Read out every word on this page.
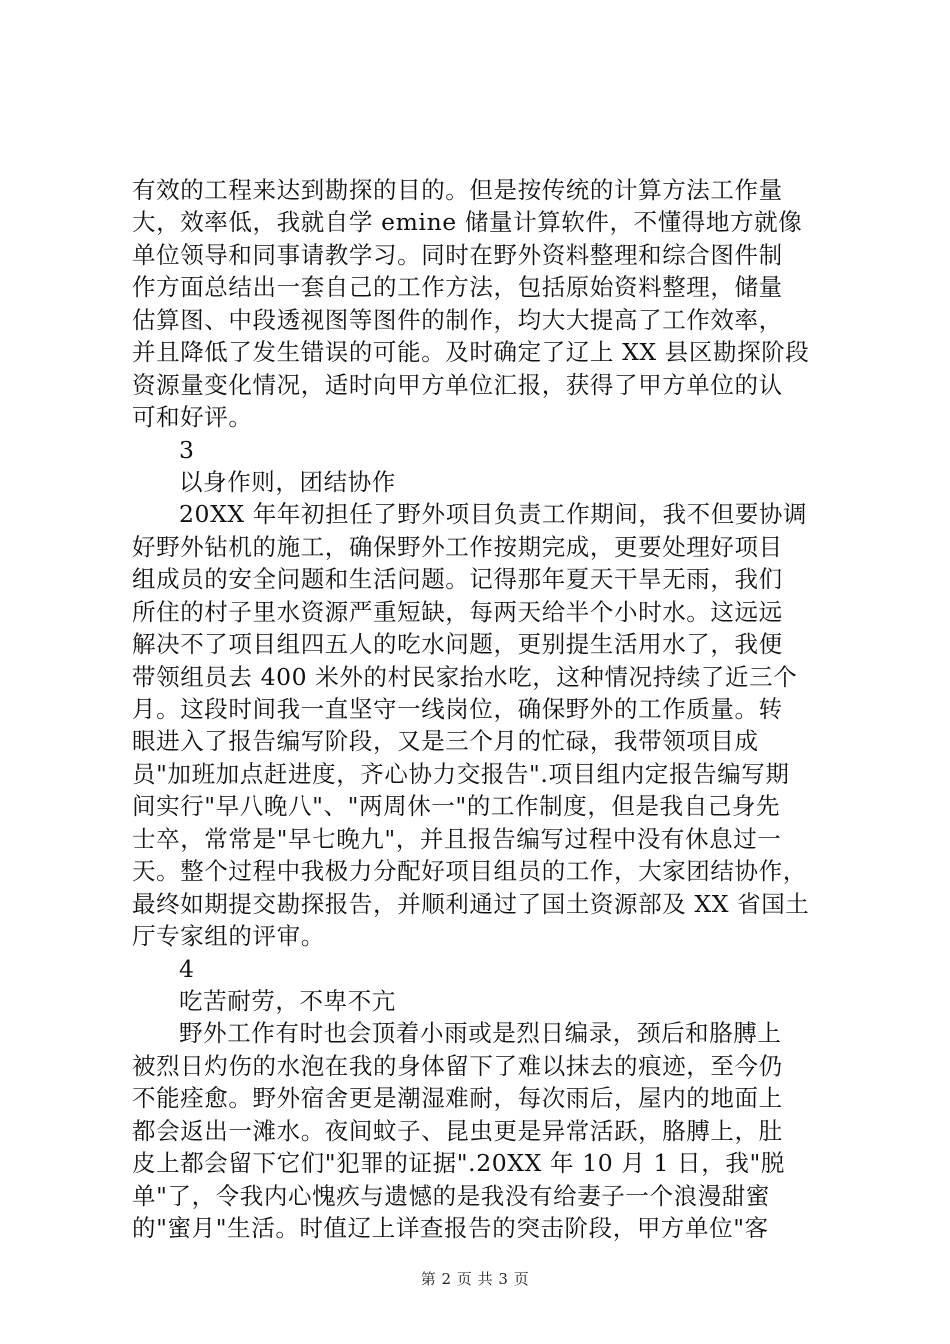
有效的工程来达到勘探的目的。但是按传统的计算方法工作量
大，效率低，我就自学 emine 储量计算软件，不懂得地方就像
单位领导和同事请教学习。同时在野外资料整理和综合图件制
作方面总结出一套自己的工作方法，包括原始资料整理，储量
估算图、中段透视图等图件的制作，均大大提高了工作效率，
并且降低了发生错误的可能。及时确定了辽上 XX 县区勘探阶段
资源量变化情况，适时向甲方单位汇报，获得了甲方单位的认
可和好评。
3
以身作则，团结协作
20XX 年年初担任了野外项目负责工作期间，我不但要协调
好野外钻机的施工，确保野外工作按期完成，更要处理好项目
组成员的安全问题和生活问题。记得那年夏天干旱无雨，我们
所住的村子里水资源严重短缺，每两天给半个小时水。这远远
解决不了项目组四五人的吃水问题，更别提生活用水了，我便
带领组员去 400 米外的村民家抬水吃，这种情况持续了近三个
月。这段时间我一直坚守一线岗位，确保野外的工作质量。转
眼进入了报告编写阶段，又是三个月的忙碌，我带领项目成
员"加班加点赶进度，齐心协力交报告".项目组内定报告编写期
间实行"早八晚八"、"两周休一"的工作制度，但是我自己身先
士卒，常常是"早七晚九"，并且报告编写过程中没有休息过一
天。整个过程中我极力分配好项目组员的工作，大家团结协作，
最终如期提交勘探报告，并顺利通过了国土资源部及 XX 省国土
厅专家组的评审。
4
吃苦耐劳，不卑不亢
野外工作有时也会顶着小雨或是烈日编录，颈后和胳膊上
被烈日灼伤的水泡在我的身体留下了难以抹去的痕迹，至今仍
不能痊愈。野外宿舍更是潮湿难耐，每次雨后，屋内的地面上
都会返出一滩水。夜间蚊子、昆虫更是异常活跃，胳膊上，肚
皮上都会留下它们"犯罪的证据".20XX 年 10 月 1 日，我"脱
单"了，令我内心愧疚与遗憾的是我没有给妻子一个浪漫甜蜜
的"蜜月"生活。时值辽上详查报告的突击阶段，甲方单位"客
第 2 页 共 3 页
